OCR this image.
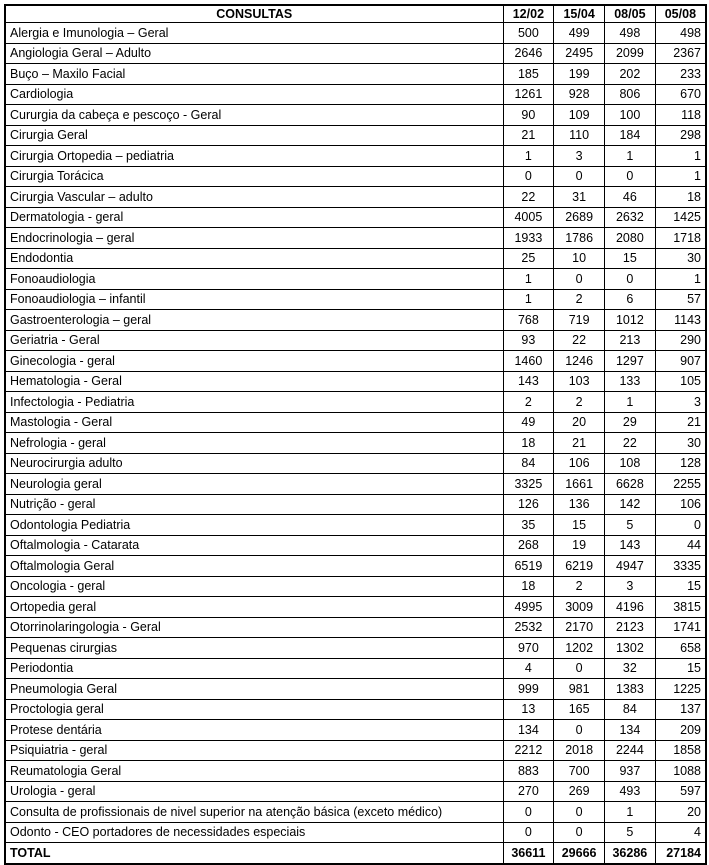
CONSULTAS	12/02	15/04	08/05	05/08
Alergia e Imunologia – Geral	500	499	498	498
Angiologia Geral – Adulto	2646	2495	2099	2367
Buço – Maxilo Facial	185	199	202	233
Cardiologia	1261	928	806	670
Cururgia da cabeça e pescoço - Geral	90	109	100	118
Cirurgia Geral	21	110	184	298
Cirurgia Ortopedia – pediatria	1	3	1	1
Cirurgia Torácica	0	0	0	1
Cirurgia Vascular – adulto	22	31	46	18
Dermatologia - geral	4005	2689	2632	1425
Endocrinologia – geral	1933	1786	2080	1718
Endodontia	25	10	15	30
Fonoaudiologia	1	0	0	1
Fonoaudiologia – infantil	1	2	6	57
Gastroenterologia – geral	768	719	1012	1143
Geriatria - Geral	93	22	213	290
Ginecologia - geral	1460	1246	1297	907
Hematologia - Geral	143	103	133	105
Infectologia - Pediatria	2	2	1	3
Mastologia - Geral	49	20	29	21
Nefrologia - geral	18	21	22	30
Neurocirurgia adulto	84	106	108	128
Neurologia geral	3325	1661	6628	2255
Nutrição - geral	126	136	142	106
Odontologia Pediatria	35	15	5	0
Oftalmologia - Catarata	268	19	143	44
Oftalmologia Geral	6519	6219	4947	3335
Oncologia - geral	18	2	3	15
Ortopedia geral	4995	3009	4196	3815
Otorrinolaringologia - Geral	2532	2170	2123	1741
Pequenas cirurgias	970	1202	1302	658
Periodontia	4	0	32	15
Pneumologia Geral	999	981	1383	1225
Proctologia geral	13	165	84	137
Protese dentária	134	0	134	209
Psiquiatria - geral	2212	2018	2244	1858
Reumatologia Geral	883	700	937	1088
Urologia - geral	270	269	493	597
Consulta de profissionais de nivel superior na atenção básica (exceto médico)	0	0	1	20
Odonto - CEO portadores de necessidades especiais	0	0	5	4
TOTAL	36611	29666	36286	27184
